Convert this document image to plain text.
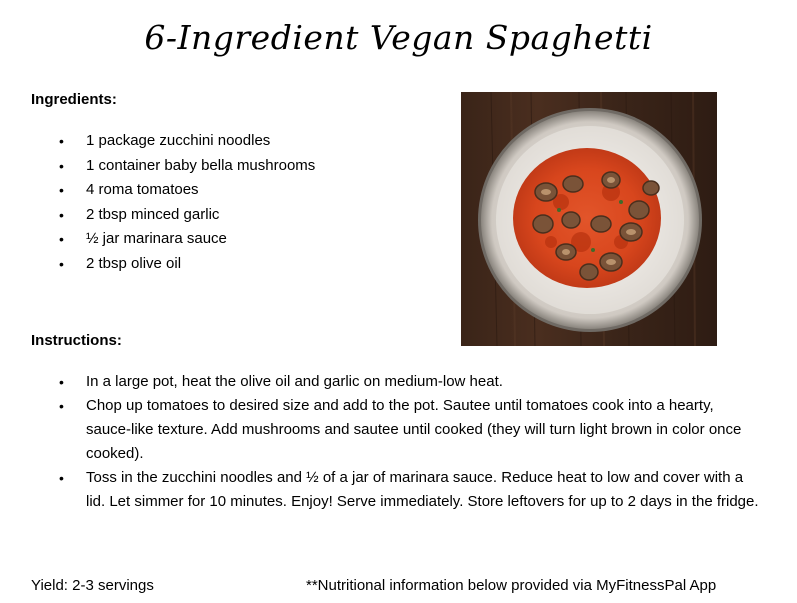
6-Ingredient Vegan Spaghetti
Ingredients:
• 1 package zucchini noodles
• 1 container baby bella mushrooms
• 4 roma tomatoes
• 2 tbsp minced garlic
• ½ jar marinara sauce
• 2 tbsp olive oil
Instructions:
• In a large pot, heat the olive oil and garlic on medium-low heat.
• Chop up tomatoes to desired size and add to the pot. Sautee until tomatoes cook into a hearty, sauce-like texture. Add mushrooms and sautee until cooked (they will turn light brown in color once cooked).
• Toss in the zucchini noodles and ½ of a jar of marinara sauce. Reduce heat to low and cover with a lid. Let simmer for 10 minutes. Enjoy! Serve immediately. Store leftovers for up to 2 days in the fridge.
Yield: 2-3 servings	**Nutritional information below provided via MyFitnessPal App
